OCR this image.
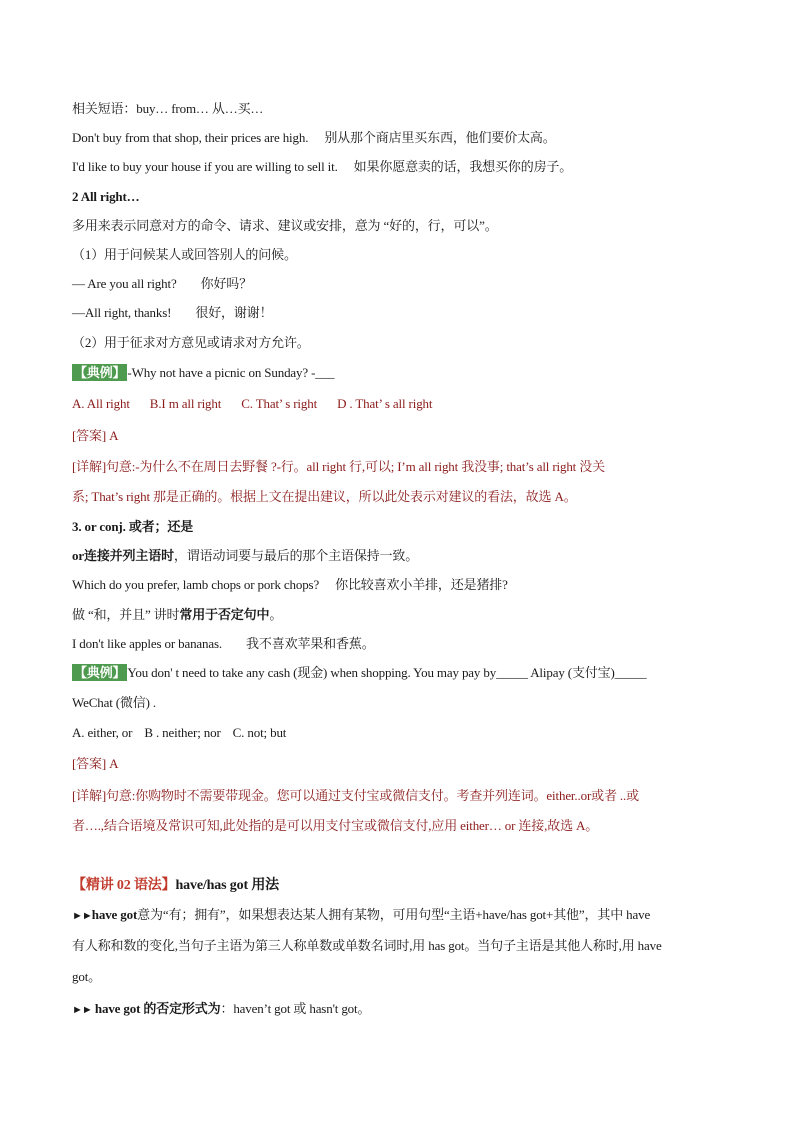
相关短语：buy… from… 从…买…
Don't buy from that shop, their prices are high. 别从那个商店里买东西，他们要价太高。
I'd like to buy your house if you are willing to sell it. 如果你愿意卖的话，我想买你的房子。
2 All right…
多用来表示同意对方的命令、请求、建议或安排，意为 “好的，行，可以”。
（1）用于问候某人或回答别人的问候。
— Are you all right? 你好吗？
—All right, thanks! 很好，谢谢！
（2）用于征求对方意见或请求对方允许。
【典例】 -Why not have a picnic on Sunday? -___
A. All right B.I m all right C. That’ s right D . That’ s all right
[答案] A
[详解]句意:-为什么不在周日去野餐 ?-行。all right 行,可以; I’m all right 我没事; that’s all right 没关
系; That’s right 那是正确的。根据上文在提出建议，所以此处表示对建议的看法，故选 A。
3. or conj. 或者；还是
or连接并列主语时，谓语动词要与最后的那个主语保持一致。
Which do you prefer, lamb chops or pork chops? 你比较喜欢小羊排，还是猪排?
做 “和，并且” 讲时常用于否定句中。
I don't like apples or bananas. 我不喜欢苹果和香蕉。
【典例】 You don' t need to take any cash (现金) when shopping. You may pay by_____ Alipay (支付宝)_____
WeChat (微信) .
A. either, or B . neither; nor C. not; but
[答案] A
[详解]句意:你购物时不需要带现金。您可以通过支付宝或微信支付。考查并列连词。either..or或者 ..或
者….,结合语境及常识可知,此处指的是可以用支付宝或微信支付,应用 either… or 连接,故选 A。
【精讲 02 语法】have/has got 用法
►►have got意为“有；拥有”，如果想表达某人拥有某物，可用句型“主语+have/has got+其他”，其中 have
有人称和数的变化,当句子主语为第三人称单数或单数名词时,用 has got。当句子主语是其他人称时,用 have
got。
►► have got 的否定形式为：haven’t got 或 hasn't got。
